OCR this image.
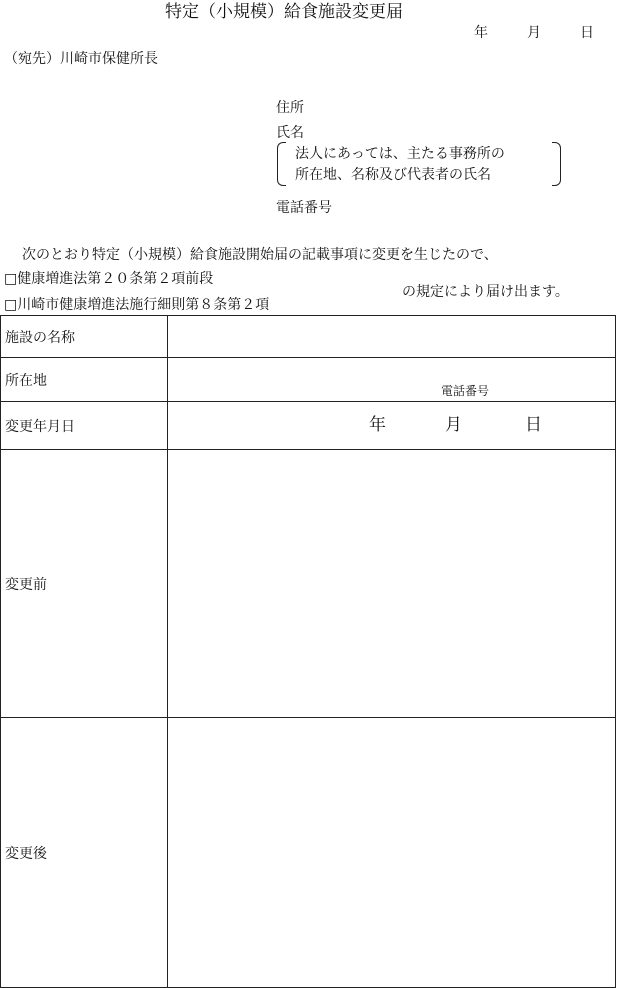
特定（小規模）給食施設変更届
年	月	日
（宛先）川崎市保健所長
住所
氏名
法人にあっては、主たる事務所の
所在地、名称及び代表者の氏名
電話番号
次のとおり特定（小規模）給食施設開始届の記載事項に変更を生じたので、
□健康増進法第２０条第２項前段
の規定により届け出ます。
□川崎市健康増進法施行細則第８条第２項
施設の名称	
所在地	電話番号

変更年月日	年 月 日

変更前	
変更後	
